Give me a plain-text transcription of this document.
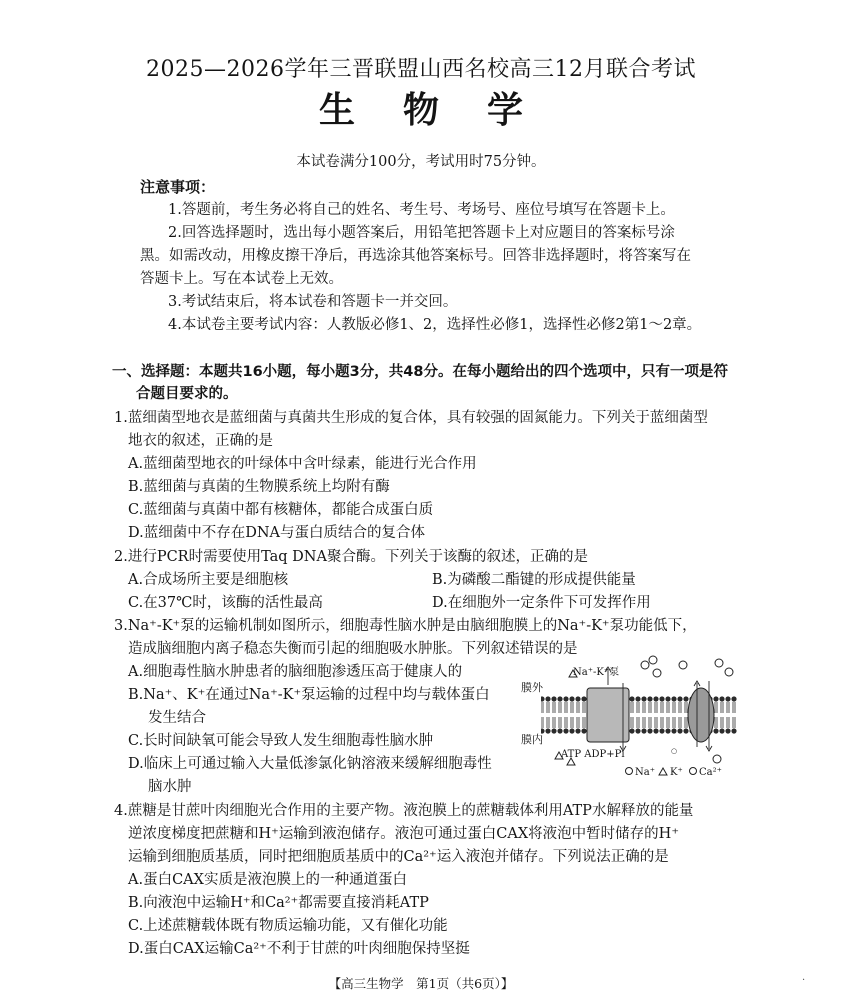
2025—2026学年三晋联盟山西名校高三12月联合考试
生物学
本试卷满分100分，考试用时75分钟。
注意事项：
1.答题前，考生务必将自己的姓名、考生号、考场号、座位号填写在答题卡上。
2.回答选择题时，选出每小题答案后，用铅笔把答题卡上对应题目的答案标号涂
黑。如需改动，用橡皮擦干净后，再选涂其他答案标号。回答非选择题时，将答案写在
答题卡上。写在本试卷上无效。
3.考试结束后，将本试卷和答题卡一并交回。
4.本试卷主要考试内容：人教版必修1、2，选择性必修1，选择性必修2第1～2章。
一、选择题：本题共16小题，每小题3分，共48分。在每小题给出的四个选项中，只有一项是符
合题目要求的。
1.蓝细菌型地衣是蓝细菌与真菌共生形成的复合体，具有较强的固氮能力。下列关于蓝细菌型
地衣的叙述，正确的是
A.蓝细菌型地衣的叶绿体中含叶绿素，能进行光合作用
B.蓝细菌与真菌的生物膜系统上均附有酶
C.蓝细菌与真菌中都有核糖体，都能合成蛋白质
D.蓝细菌中不存在DNA与蛋白质结合的复合体
2.进行PCR时需要使用Taq DNA聚合酶。下列关于该酶的叙述，正确的是
A.合成场所主要是细胞核	B.为磷酸二酯键的形成提供能量
C.在37℃时，该酶的活性最高	D.在细胞外一定条件下可发挥作用
3.Na⁺-K⁺泵的运输机制如图所示，细胞毒性脑水肿是由脑细胞膜上的Na⁺-K⁺泵功能低下，
造成脑细胞内离子稳态失衡而引起的细胞吸水肿胀。下列叙述错误的是
A.细胞毒性脑水肿患者的脑细胞渗透压高于健康人的
B.Na⁺、K⁺在通过Na⁺-K⁺泵运输的过程中均与载体蛋白
发生结合
C.长时间缺氧可能会导致人发生细胞毒性脑水肿
D.临床上可通过输入大量低渗氯化钠溶液来缓解细胞毒性
脑水肿
○
膜外
Na⁺-K⁺泵
膜内
ATP ADP+Pi
Na⁺ K⁺ Ca²⁺
4.蔗糖是甘蔗叶肉细胞光合作用的主要产物。液泡膜上的蔗糖载体利用ATP水解释放的能量
逆浓度梯度把蔗糖和H⁺运输到液泡储存。液泡可通过蛋白CAX将液泡中暂时储存的H⁺
运输到细胞质基质，同时把细胞质基质中的Ca²⁺运入液泡并储存。下列说法正确的是
A.蛋白CAX实质是液泡膜上的一种通道蛋白
B.向液泡中运输H⁺和Ca²⁺都需要直接消耗ATP
C.上述蔗糖载体既有物质运输功能，又有催化功能
D.蛋白CAX运输Ca²⁺不利于甘蔗的叶肉细胞保持坚挺
【高三生物学　第1页（共6页）】	·
